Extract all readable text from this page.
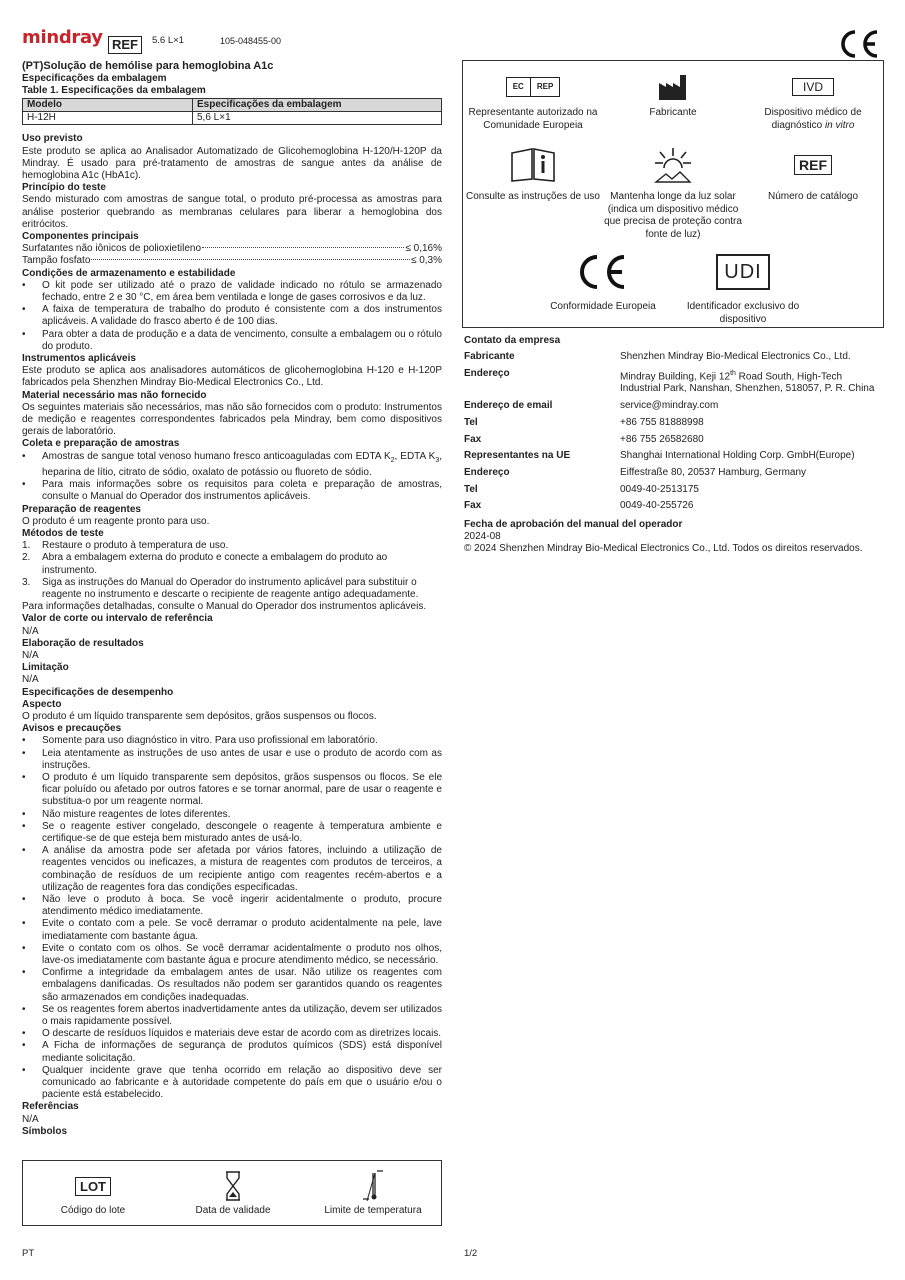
mindray REF	5.6 L×1	105-048455-00
(PT)Solução de hemólise para hemoglobina A1c
Especificações da embalagem
Table 1. Especificações da embalagem
Modelo	Especificações da embalagem
H-12H	5,6 L×1
Uso previsto
Este produto se aplica ao Analisador Automatizado de Glicohemoglobina H-120/H-120P da Mindray. É usado para pré-tratamento de amostras de sangue antes da análise de hemoglobina A1c (HbA1c).
Princípio do teste
Sendo misturado com amostras de sangue total, o produto pré-processa as amostras para análise posterior quebrando as membranas celulares para liberar a hemoglobina dos eritrócitos.
Componentes principais
Surfatantes não iônicos de polioxietileno	≤ 0,16%
Tampão fosfato	≤ 0,3%
Condições de armazenamento e estabilidade
• O kit pode ser utilizado até o prazo de validade indicado no rótulo se armazenado fechado, entre 2 e 30 °C, em área bem ventilada e longe de gases corrosivos e da luz.
• A faixa de temperatura de trabalho do produto é consistente com a dos instrumentos aplicáveis. A validade do frasco aberto é de 100 dias.
• Para obter a data de produção e a data de vencimento, consulte a embalagem ou o rótulo do produto.
Instrumentos aplicáveis
Este produto se aplica aos analisadores automáticos de glicohemoglobina H-120 e H-120P fabricados pela Shenzhen Mindray Bio-Medical Electronics Co., Ltd.
Material necessário mas não fornecido
Os seguintes materiais são necessários, mas não são fornecidos com o produto: Instrumentos de medição e reagentes correspondentes fabricados pela Mindray, bem como dispositivos gerais de laboratório.
Coleta e preparação de amostras
• Amostras de sangue total venoso humano fresco anticoaguladas com EDTA $K_2$, EDTA $K_3$, heparina de lítio, citrato de sódio, oxalato de potássio ou fluoreto de sódio.
• Para mais informações sobre os requisitos para coleta e preparação de amostras, consulte o Manual do Operador dos instrumentos aplicáveis.
Preparação de reagentes
O produto é um reagente pronto para uso.
Métodos de teste
1. Restaure o produto à temperatura de uso.
2. Abra a embalagem externa do produto e conecte a embalagem do produto ao instrumento.
3. Siga as instruções do Manual do Operador do instrumento aplicável para substituir o reagente no instrumento e descarte o recipiente de reagente antigo adequadamente.
Para informações detalhadas, consulte o Manual do Operador dos instrumentos aplicáveis.
Valor de corte ou intervalo de referência
N/A
Elaboração de resultados
N/A
Limitação
N/A
Especificações de desempenho
Aspecto
O produto é um líquido transparente sem depósitos, grãos suspensos ou flocos.
Avisos e precauções
• Somente para uso diagnóstico in vitro. Para uso profissional em laboratório.
• Leia atentamente as instruções de uso antes de usar e use o produto de acordo com as instruções.
• O produto é um líquido transparente sem depósitos, grãos suspensos ou flocos. Se ele ficar poluído ou afetado por outros fatores e se tornar anormal, pare de usar o reagente e substitua-o por um reagente normal.
• Não misture reagentes de lotes diferentes.
• Se o reagente estiver congelado, descongele o reagente à temperatura ambiente e certifique-se de que esteja bem misturado antes de usá-lo.
• A análise da amostra pode ser afetada por vários fatores, incluindo a utilização de reagentes vencidos ou ineficazes, a mistura de reagentes com produtos de terceiros, a combinação de resíduos de um recipiente antigo com reagentes recém-abertos e a utilização de reagentes fora das condições especificadas.
• Não leve o produto à boca. Se você ingerir acidentalmente o produto, procure atendimento médico imediatamente.
• Evite o contato com a pele. Se você derramar o produto acidentalmente na pele, lave imediatamente com bastante água.
• Evite o contato com os olhos. Se você derramar acidentalmente o produto nos olhos, lave-os imediatamente com bastante água e procure atendimento médico, se necessário.
• Confirme a integridade da embalagem antes de usar. Não utilize os reagentes com embalagens danificadas. Os resultados não podem ser garantidos quando os reagentes são armazenados em condições inadequadas.
• Se os reagentes forem abertos inadvertidamente antes da utilização, devem ser utilizados o mais rapidamente possível.
• O descarte de resíduos líquidos e materiais deve estar de acordo com as diretrizes locais.
• A Ficha de informações de segurança de produtos químicos (SDS) está disponível mediante solicitação.
• Qualquer incidente grave que tenha ocorrido em relação ao dispositivo deve ser comunicado ao fabricante e à autoridade competente do país em que o usuário e/ou o paciente está estabelecido.
Referências
N/A
Símbolos
LOT
Código do lote	Data de validade	Limite de temperatura
EC	REP
Representante autorizado na Comunidade Europeia
Fabricante
IVD
Dispositivo médico de diagnóstico in vitro
Consulte as instruções de uso	Mantenha longe da luz solar (indica um dispositivo médico que precisa de proteção contra fonte de luz)
REF
Número de catálogo
Conformidade Europeia
UDI
Identificador exclusivo do dispositivo
Contato da empresa
Fabricante	Shenzhen Mindray Bio-Medical Electronics Co., Ltd.
Endereço	Mindray Building, Keji 12th Road South, High-Tech Industrial Park, Nanshan, Shenzhen, 518057, P. R. China
Endereço de email	service@mindray.com
Tel	+86 755 81888998
Fax	+86 755 26582680
Representantes na UE	Shanghai International Holding Corp. GmbH(Europe)
Endereço	Eiffestraße 80, 20537 Hamburg, Germany
Tel	0049-40-2513175
Fax	0049-40-255726
Fecha de aprobación del manual del operador
2024-08
© 2024 Shenzhen Mindray Bio-Medical Electronics Co., Ltd. Todos os direitos reservados.
PT	1/2
